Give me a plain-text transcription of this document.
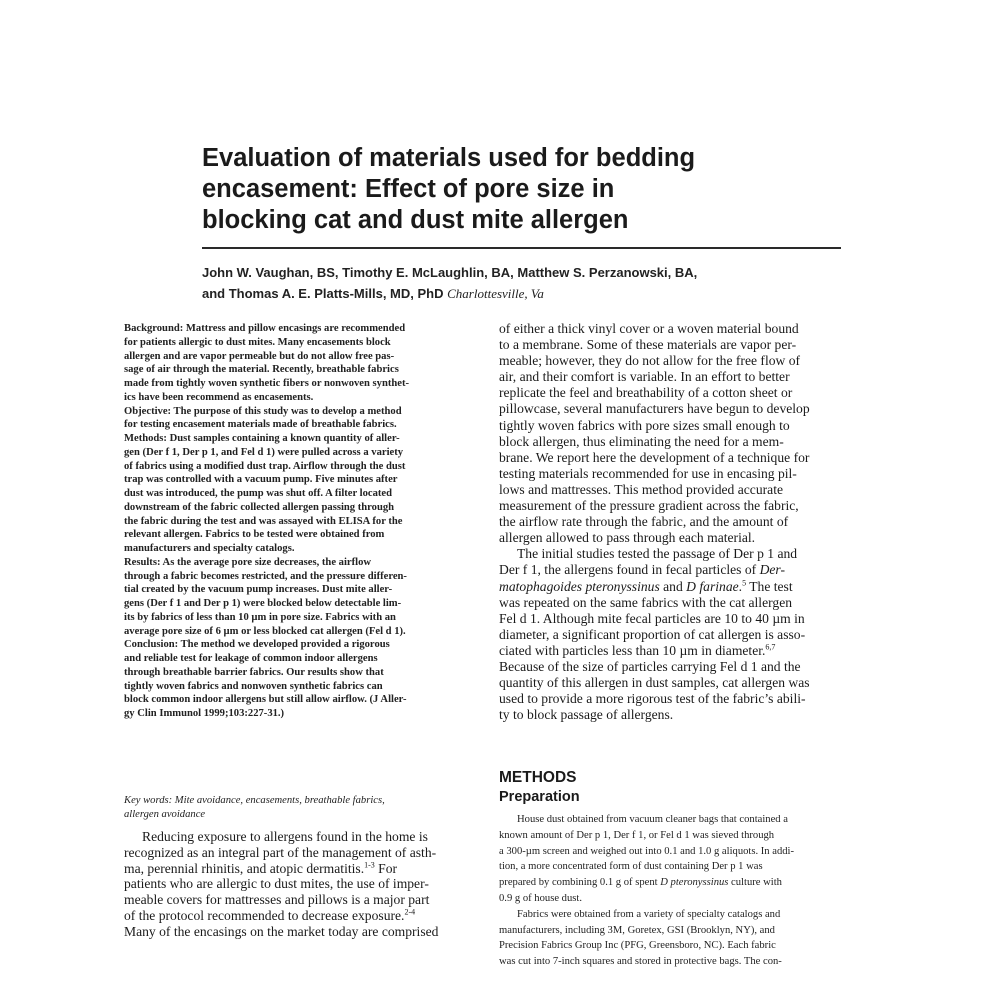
Evaluation of materials used for bedding
encasement: Effect of pore size in
blocking cat and dust mite allergen
John W. Vaughan, BS, Timothy E. McLaughlin, BA, Matthew S. Perzanowski, BA,
and Thomas A. E. Platts-Mills, MD, PhD Charlottesville, Va
Background: Mattress and pillow encasings are recommended
for patients allergic to dust mites. Many encasements block
allergen and are vapor permeable but do not allow free pas-
sage of air through the material. Recently, breathable fabrics
made from tightly woven synthetic fibers or nonwoven synthet-
ics have been recommend as encasements.
Objective: The purpose of this study was to develop a method
for testing encasement materials made of breathable fabrics.
Methods: Dust samples containing a known quantity of aller-
gen (Der f 1, Der p 1, and Fel d 1) were pulled across a variety
of fabrics using a modified dust trap. Airflow through the dust
trap was controlled with a vacuum pump. Five minutes after
dust was introduced, the pump was shut off. A filter located
downstream of the fabric collected allergen passing through
the fabric during the test and was assayed with ELISA for the
relevant allergen. Fabrics to be tested were obtained from
manufacturers and specialty catalogs.
Results: As the average pore size decreases, the airflow
through a fabric becomes restricted, and the pressure differen-
tial created by the vacuum pump increases. Dust mite aller-
gens (Der f 1 and Der p 1) were blocked below detectable lim-
its by fabrics of less than 10 µm in pore size. Fabrics with an
average pore size of 6 µm or less blocked cat allergen (Fel d 1).
Conclusion: The method we developed provided a rigorous
and reliable test for leakage of common indoor allergens
through breathable barrier fabrics. Our results show that
tightly woven fabrics and nonwoven synthetic fabrics can
block common indoor allergens but still allow airflow. (J Aller-
gy Clin Immunol 1999;103:227-31.)
Key words: Mite avoidance, encasements, breathable fabrics,
allergen avoidance
Reducing exposure to allergens found in the home is
recognized as an integral part of the management of asth-
ma, perennial rhinitis, and atopic dermatitis.$^{1-3}$ For
patients who are allergic to dust mites, the use of imper-
meable covers for mattresses and pillows is a major part
of the protocol recommended to decrease exposure.$^{2-4}$
Many of the encasings on the market today are comprised
of either a thick vinyl cover or a woven material bound
to a membrane. Some of these materials are vapor per-
meable; however, they do not allow for the free flow of
air, and their comfort is variable. In an effort to better
replicate the feel and breathability of a cotton sheet or
pillowcase, several manufacturers have begun to develop
tightly woven fabrics with pore sizes small enough to
block allergen, thus eliminating the need for a mem-
brane. We report here the development of a technique for
testing materials recommended for use in encasing pil-
lows and mattresses. This method provided accurate
measurement of the pressure gradient across the fabric,
the airflow rate through the fabric, and the amount of
allergen allowed to pass through each material.
The initial studies tested the passage of Der p 1 and
Der f 1, the allergens found in fecal particles of Der-
matophagoides pteronyssinus and D farinae.$^5$ The test
was repeated on the same fabrics with the cat allergen
Fel d 1. Although mite fecal particles are 10 to 40 µm in
diameter, a significant proportion of cat allergen is asso-
ciated with particles less than 10 µm in diameter.$^{6,7}$
Because of the size of particles carrying Fel d 1 and the
quantity of this allergen in dust samples, cat allergen was
used to provide a more rigorous test of the fabric’s abili-
ty to block passage of allergens.
METHODS
Preparation
House dust obtained from vacuum cleaner bags that contained a
known amount of Der p 1, Der f 1, or Fel d 1 was sieved through
a 300-µm screen and weighed out into 0.1 and 1.0 g aliquots. In addi-
tion, a more concentrated form of dust containing Der p 1 was
prepared by combining 0.1 g of spent D pteronyssinus culture with
0.9 g of house dust.
Fabrics were obtained from a variety of specialty catalogs and
manufacturers, including 3M, Goretex, GSI (Brooklyn, NY), and
Precision Fabrics Group Inc (PFG, Greensboro, NC). Each fabric
was cut into 7-inch squares and stored in protective bags. The con-
